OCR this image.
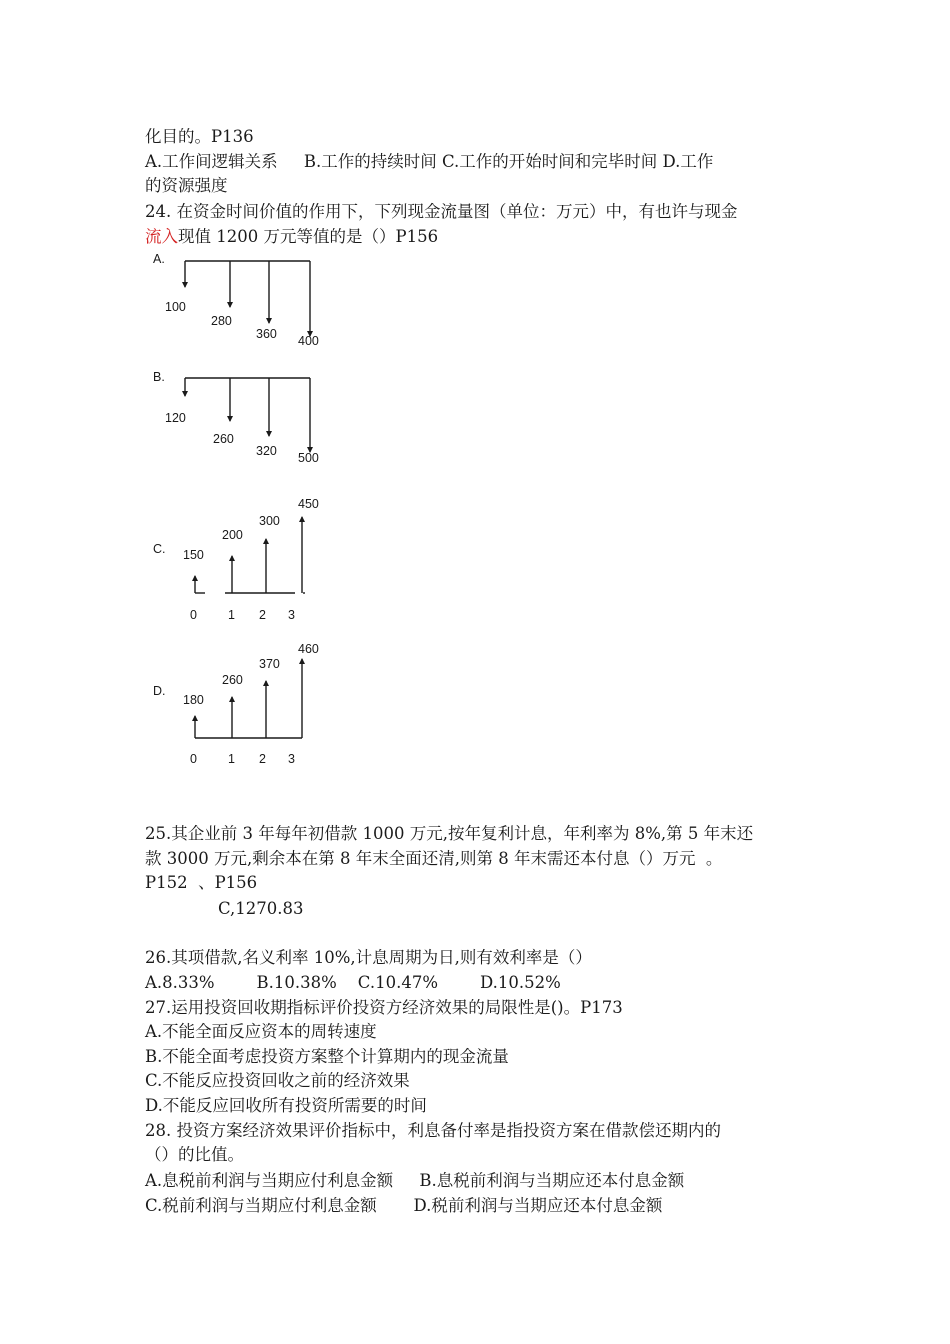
化目的。P136
A.工作间逻辑关系     B.工作的持续时间 C.工作的开始时间和完毕时间 D.工作
的资源强度
24. 在资金时间价值的作用下，下列现金流量图（单位：万元）中，有也许与现金
流入现值 1200 万元等值的是（）P156
A.
100
280
360 400
B.
120
260
320 500
C. 150
200
300
450
0 1 2 3
D.
180
260
370
460
0 1 2 3
25.其企业前 3 年每年初借款 1000 万元,按年复利计息，年利率为 8%,第 5 年末还
款 3000 万元,剩余本在第 8 年末全面还清,则第 8 年末需还本付息（）万元  。
P152  、P156
C,1270.83
26.其项借款,名义利率 10%,计息周期为日,则有效利率是（）
A.8.33%        B.10.38%    C.10.47%        D.10.52%
27.运用投资回收期指标评价投资方经济效果的局限性是()。P173
A.不能全面反应资本的周转速度
B.不能全面考虑投资方案整个计算期内的现金流量
C.不能反应投资回收之前的经济效果
D.不能反应回收所有投资所需要的时间
28. 投资方案经济效果评价指标中，利息备付率是指投资方案在借款偿还期内的
（）的比值。
A.息税前利润与当期应付利息金额     B.息税前利润与当期应还本付息金额
C.税前利润与当期应付利息金额       D.税前利润与当期应还本付息金额
